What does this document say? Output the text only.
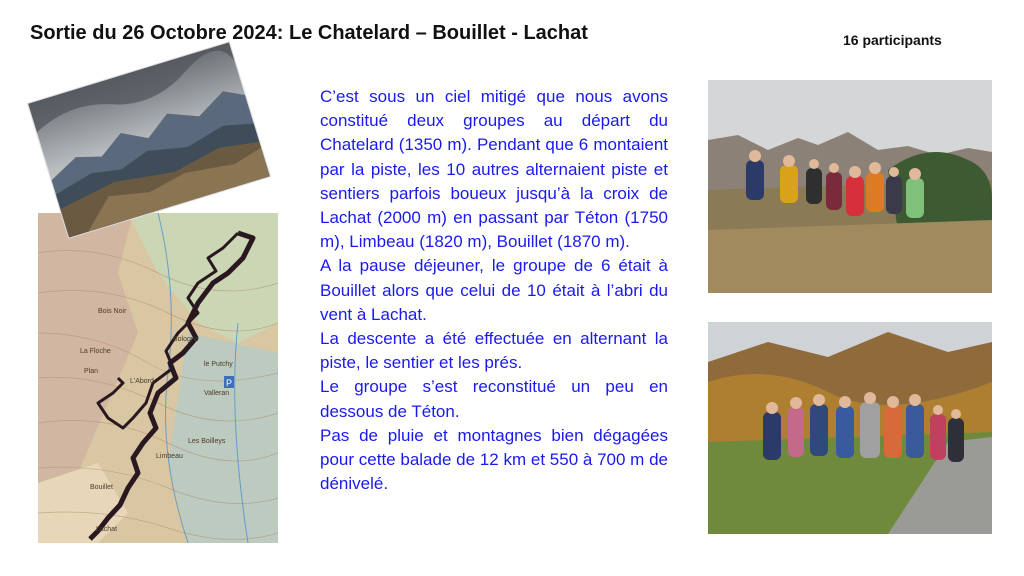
Sortie du 26 Octobre 2024: Le Chatelard – Bouillet - Lachat	16 participants

C’est sous un ciel mitigé que nous avons constitué deux groupes au départ du Chatelard (1350 m). Pendant que 6 montaient par la piste, les 10 autres alternaient piste et sentiers parfois boueux jusqu’à la croix de Lachat (2000 m) en passant par Téton (1750 m), Limbeau (1820 m), Bouillet (1870 m).

A la pause déjeuner, le groupe de 6 était à Bouillet alors que celui de 10 était à l’abri du vent à Lachat.

La descente a été effectuée en alternant la piste, le sentier et les prés.

Le groupe s’est reconstitué un peu en dessous de Téton.

Pas de pluie et montagnes bien dégagées pour cette balade de 12 km et 550 à 700 m de dénivelé.

P
Bois Noir
La Floche
Bologne
L'Abord
le Putchy
Valleran
Limbeau
Bouillet
Lachat
Plan
Les Boilleys
